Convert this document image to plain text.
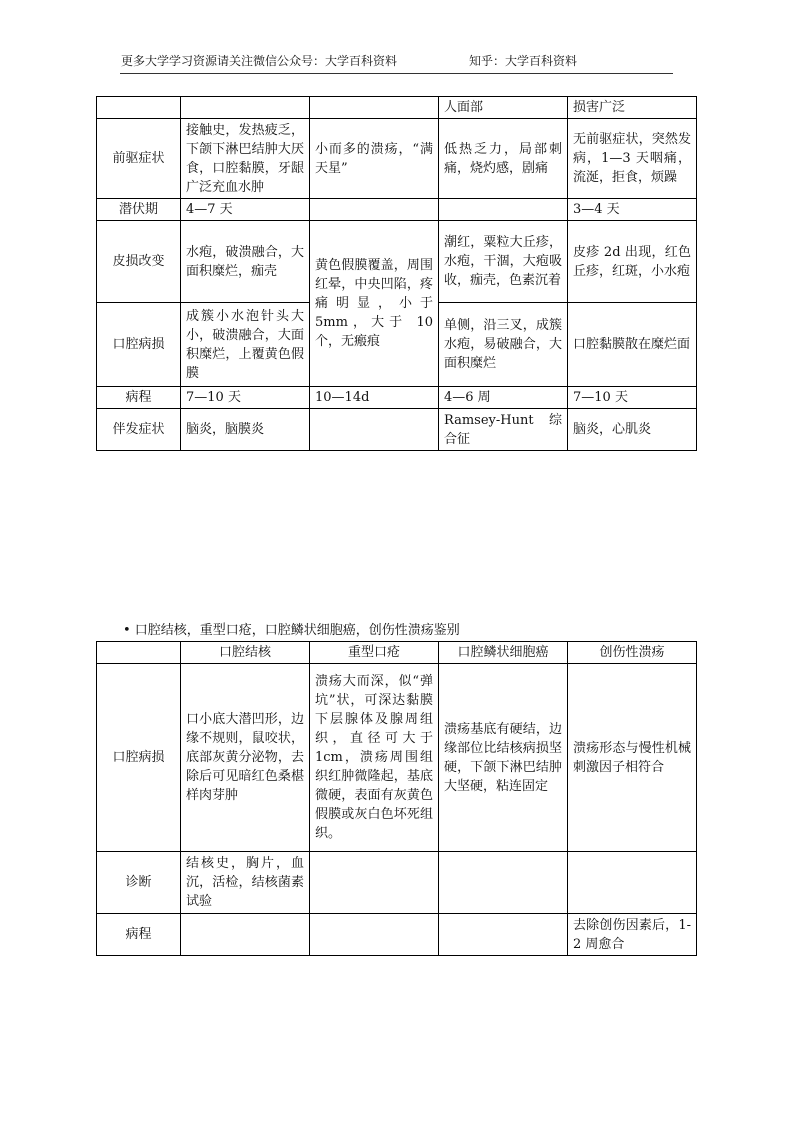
更多大学学习资源请关注微信公众号：大学百科资料	知乎：大学百科资料
			人面部	损害广泛
前驱症状	接触史，发热疲乏，下颌下淋巴结肿大厌食，口腔黏膜，牙龈广泛充血水肿	小而多的溃疡，“满天星”	低热乏力，局部刺痛，烧灼感，剧痛	无前驱症状，突然发病，1—3 天咽痛，流涎，拒食，烦躁
潜伏期	4—7 天			3—4 天
皮损改变	水疱，破溃融合，大面积糜烂，痂壳	黄色假膜覆盖，周围红晕，中央凹陷，疼痛明显，小于 5mm，大于 10 个，无瘢痕	潮红，粟粒大丘疹，水疱，干涸，大疱吸收，痂壳，色素沉着	皮疹 2d 出现，红色丘疹，红斑，小水疱
口腔病损	成簇小水泡针头大小，破溃融合，大面积糜烂，上覆黄色假膜		单侧，沿三叉，成簇水疱，易破融合，大面积糜烂	口腔黏膜散在糜烂面
病程	7—10 天	10—14d	4—6 周	7—10 天
伴发症状	脑炎，脑膜炎		Ramsey-Hunt 综合征	脑炎，心肌炎
• 口腔结核，重型口疮，口腔鳞状细胞癌，创伤性溃疡鉴别
	口腔结核	重型口疮	口腔鳞状细胞癌	创伤性溃疡
口腔病损	口小底大潜凹形，边缘不规则，鼠咬状，底部灰黄分泌物，去除后可见暗红色桑椹样肉芽肿	溃疡大而深，似“弹坑”状，可深达黏膜下层腺体及腺周组织，直径可大于 1cm，溃疡周围组织红肿微隆起，基底微硬，表面有灰黄色假膜或灰白色坏死组织。	溃疡基底有硬结，边缘部位比结核病损坚硬，下颌下淋巴结肿大坚硬，粘连固定	溃疡形态与慢性机械刺激因子相符合
诊断	结核史，胸片，血沉，活检，结核菌素试验			
病程				去除创伤因素后，1-2 周愈合
